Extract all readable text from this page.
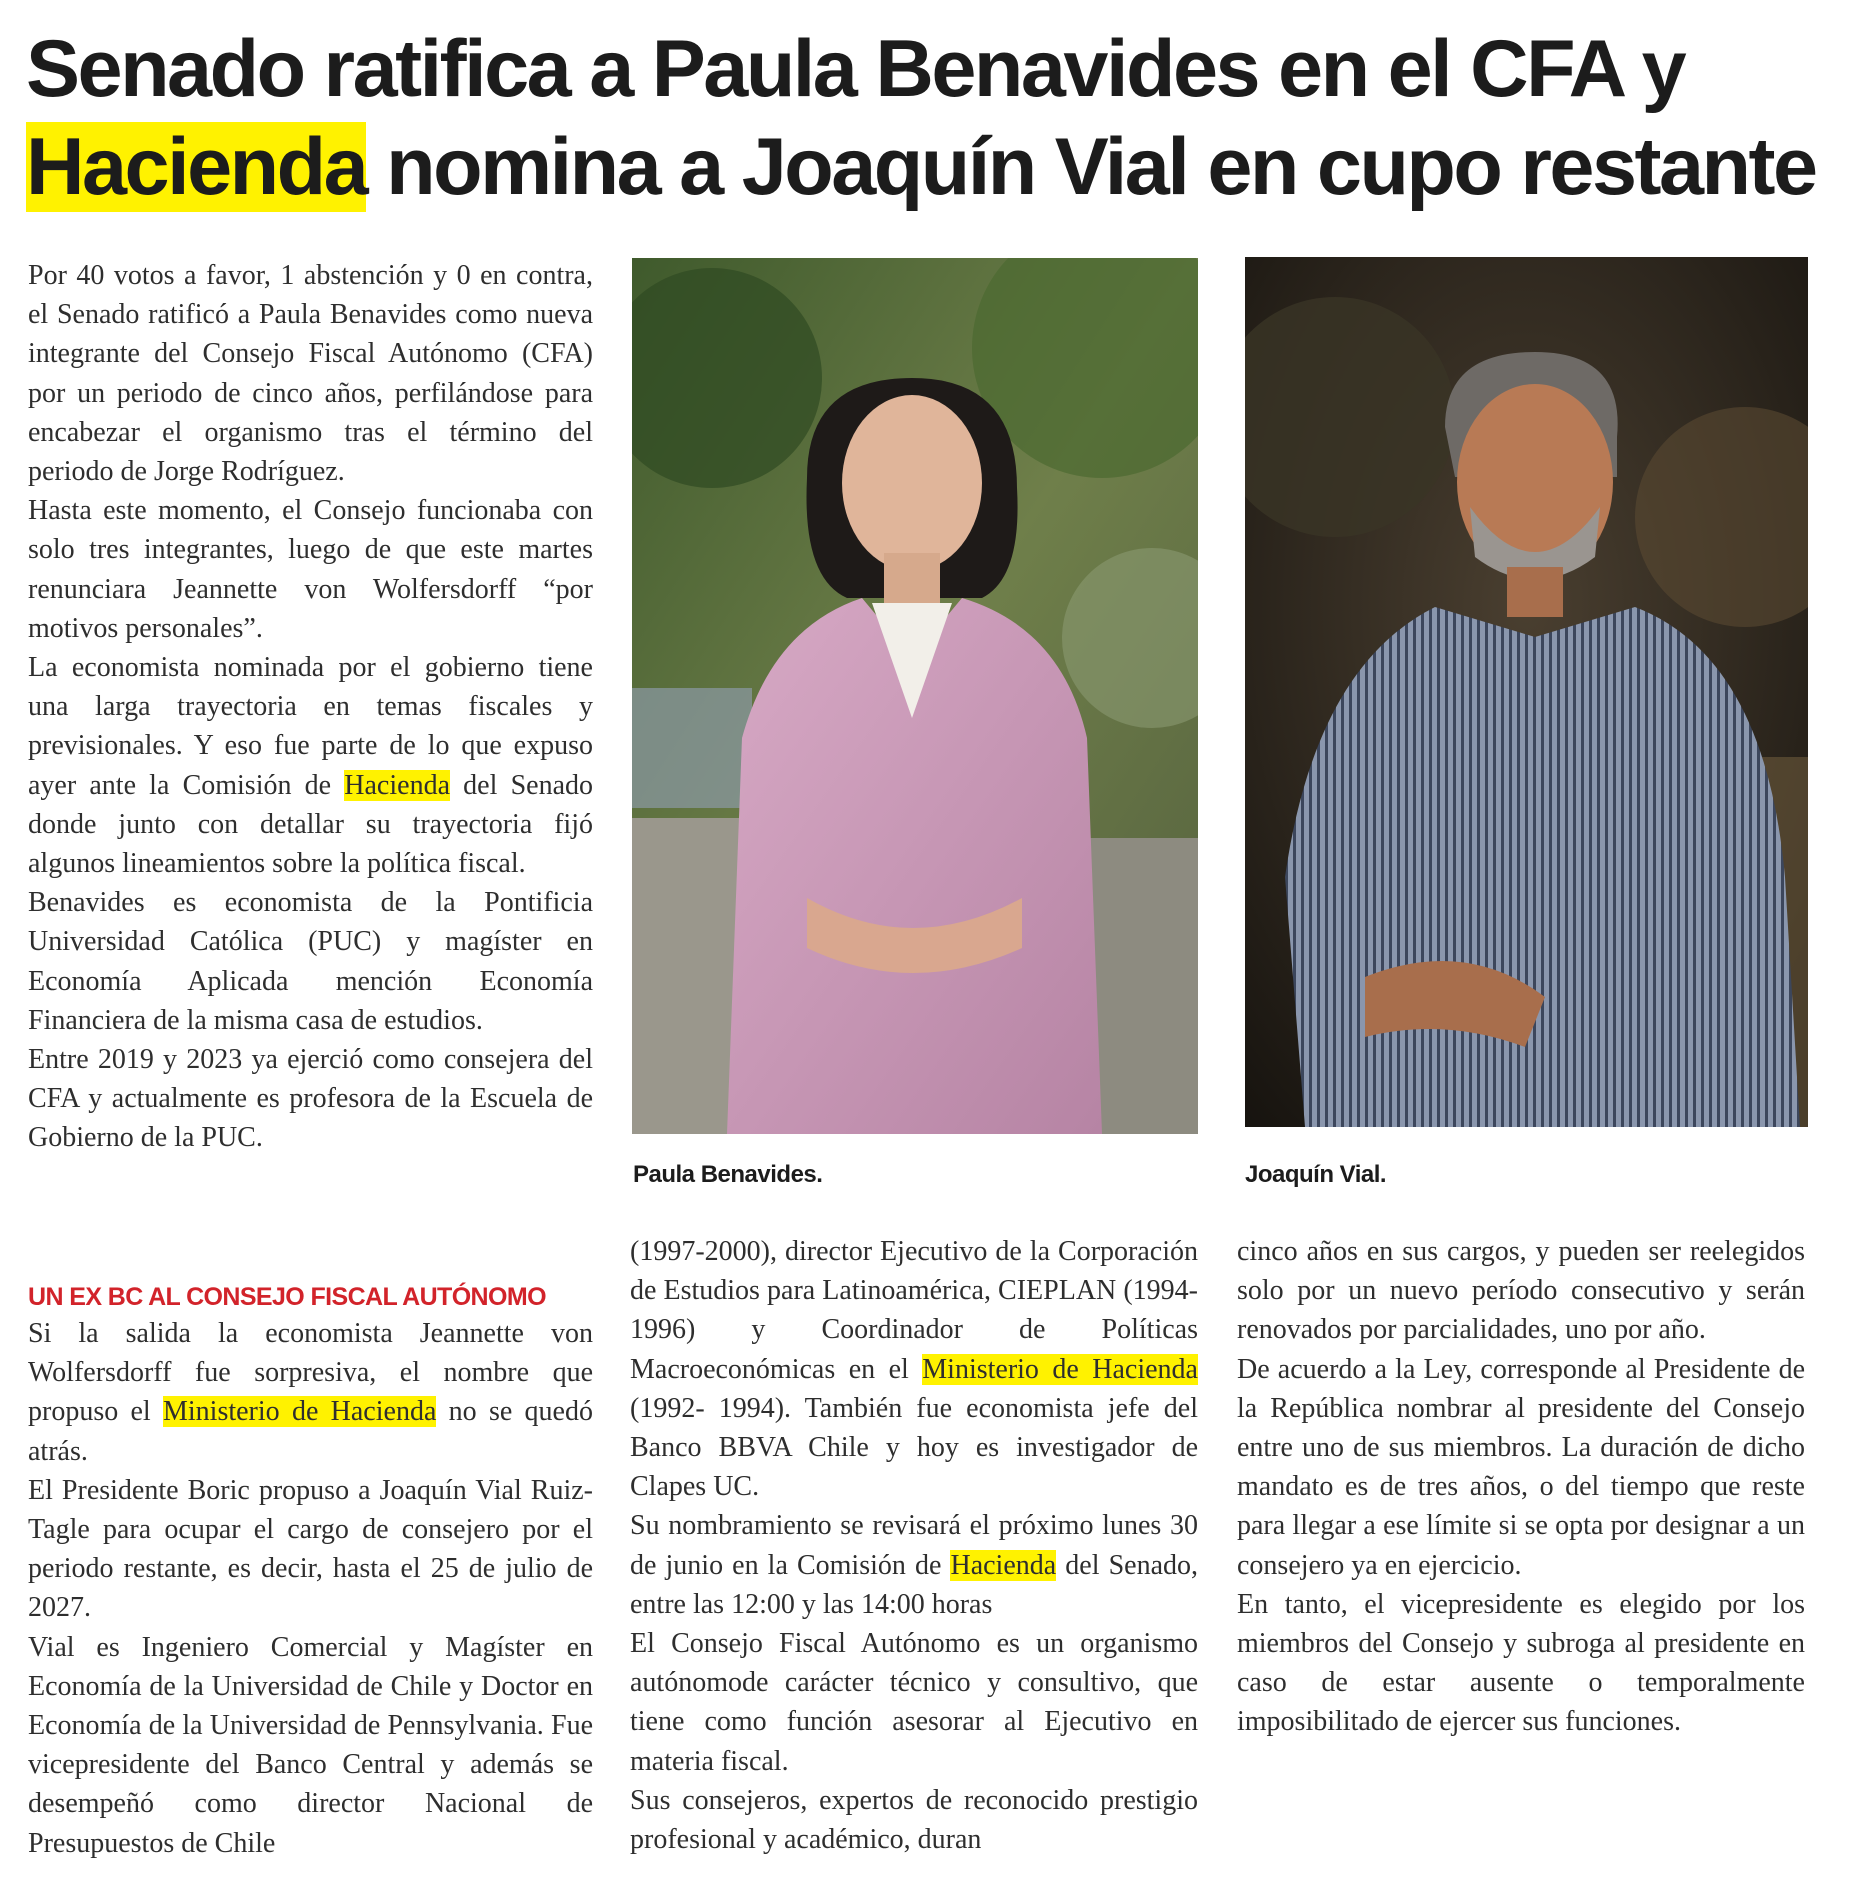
Senado ratifica a Paula Benavides en el CFA y Hacienda nomina a Joaquín Vial en cupo restante

Por 40 votos a favor, 1 abstención y 0 en contra, el Senado ratificó a Paula Benavides como nueva integrante del Consejo Fiscal Autónomo (CFA) por un periodo de cinco años, perfilándose para encabezar el organismo tras el término del periodo de Jorge Rodríguez.

Hasta este momento, el Consejo funcionaba con solo tres integrantes, luego de que este martes renunciara Jeannette von Wolfersdorff “por motivos personales”.

La economista nominada por el gobierno tiene una larga trayectoria en temas fiscales y previsionales. Y eso fue parte de lo que expuso ayer ante la Comisión de Hacienda del Senado donde junto con detallar su trayectoria fijó algunos lineamientos sobre la política fiscal.

Benavides es economista de la Pontificia Universidad Católica (PUC) y magíster en Economía Aplicada mención Economía Financiera de la misma casa de estudios.

Entre 2019 y 2023 ya ejerció como consejera del CFA y actualmente es profesora de la Escuela de Gobierno de la PUC.

UN EX BC AL CONSEJO FISCAL AUTÓNOMO

Si la salida la economista Jeannette von Wolfersdorff fue sorpresiva, el nombre que propuso el Ministerio de Hacienda no se quedó atrás.

El Presidente Boric propuso a Joaquín Vial Ruiz-Tagle para ocupar el cargo de consejero por el periodo restante, es decir, hasta el 25 de julio de 2027.

Vial es Ingeniero Comercial y Magíster en Economía de la Universidad de Chile y Doctor en Economía de la Universidad de Pennsylvania. Fue vicepresidente del Banco Central y además se desempeñó como director Nacional de Presupuestos de Chile

Paula Benavides.	Joaquín Vial.

(1997-2000), director Ejecutivo de la Corporación de Estudios para Latinoamérica, CIEPLAN (1994-1996) y Coordinador de Políticas Macroeconómicas en el Ministerio de Hacienda (1992- 1994). También fue economista jefe del Banco BBVA Chile y hoy es investigador de Clapes UC.

Su nombramiento se revisará el próximo lunes 30 de junio en la Comisión de Hacienda del Senado, entre las 12:00 y las 14:00 horas

El Consejo Fiscal Autónomo es un organismo autónomode carácter técnico y consultivo, que tiene como función asesorar al Ejecutivo en materia fiscal.

Sus consejeros, expertos de reconocido prestigio profesional y académico, duran

cinco años en sus cargos, y pueden ser reelegidos solo por un nuevo período consecutivo y serán renovados por parcialidades, uno por año.

De acuerdo a la Ley, corresponde al Presidente de la República nombrar al presidente del Consejo entre uno de sus miembros. La duración de dicho mandato es de tres años, o del tiempo que reste para llegar a ese límite si se opta por designar a un consejero ya en ejercicio.

En tanto, el vicepresidente es elegido por los miembros del Consejo y subroga al presidente en caso de estar ausente o temporalmente imposibilitado de ejercer sus funciones.
